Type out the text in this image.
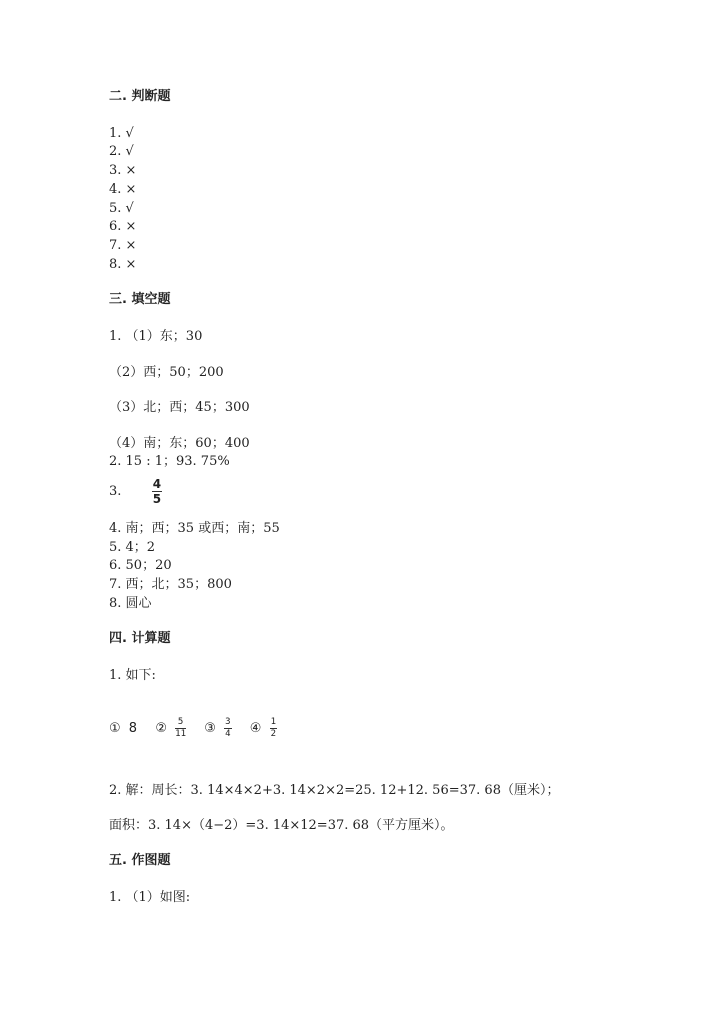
二. 判断题
1. √
2. √
3. ×
4. ×
5. √
6. ×
7. ×
8. ×
三. 填空题
1. （1）东；30
（2）西；50；200
（3）北；西；45；300
（4）南；东；60；400
2. 15 : 1；93. 75%
3.	$\frac{4}{5}$
4. 南；西；35 或西；南；55
5. 4；2
6. 50；20
7. 西；北；35；800
8. 圆心
四. 计算题
1. 如下:
① 8 ② $\frac{5}{11}$ ③ $\frac{3}{4}$ ④ $\frac{1}{2}$
2. 解：周长：3. 14×4×2+3. 14×2×2=25. 12+12. 56=37. 68（厘米）；
面积：3. 14×（4−2）=3. 14×12=37. 68（平方厘米）。
五. 作图题
1. （1）如图:
